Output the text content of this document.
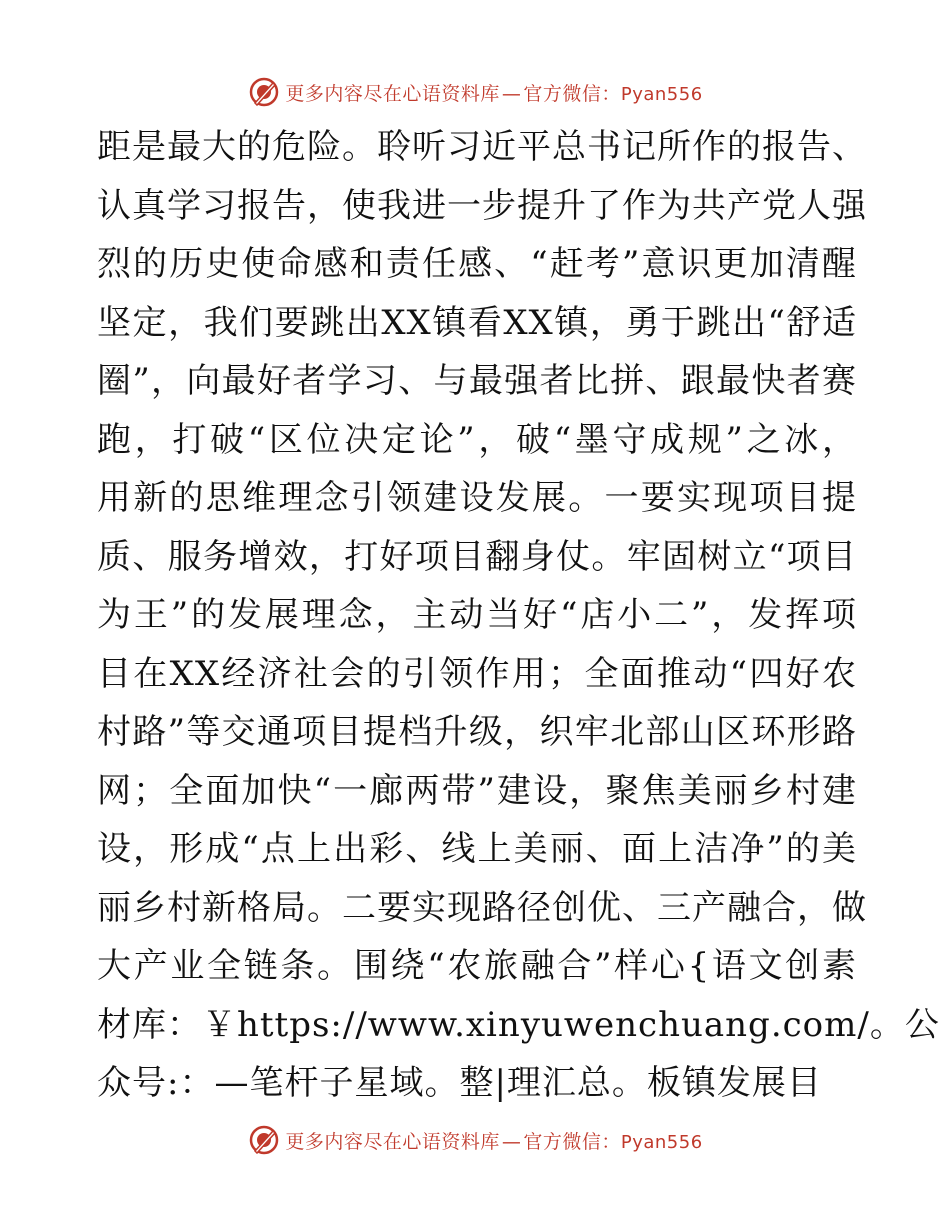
更多内容尽在心语资料库 — 官方微信：Pyan556
距是最大的危险。聆听习近平总书记所作的报告、
认真学习报告，使我进一步提升了作为共产党人强
烈的历史使命感和责任感、“赶考”意识更加清醒
坚定，我们要跳出XX镇看XX镇，勇于跳出“舒适
圈”，向最好者学习、与最强者比拼、跟最快者赛
跑，打破“区位决定论”，破“墨守成规”之冰，
用新的思维理念引领建设发展。一要实现项目提
质、服务增效，打好项目翻身仗。牢固树立“项目
为王”的发展理念，主动当好“店小二”，发挥项
目在XX经济社会的引领作用；全面推动“四好农
村路”等交通项目提档升级，织牢北部山区环形路
网；全面加快“一廊两带”建设，聚焦美丽乡村建
设，形成“点上出彩、线上美丽、面上洁净”的美
丽乡村新格局。二要实现路径创优、三产融合，做
大产业全链条。围绕“农旅融合”样心{语文创素
材库：￥https://www.xinyuwenchuang.com/。公
众号:：—笔杆子星域。整|理汇总。板镇发展目
更多内容尽在心语资料库 — 官方微信：Pyan556
